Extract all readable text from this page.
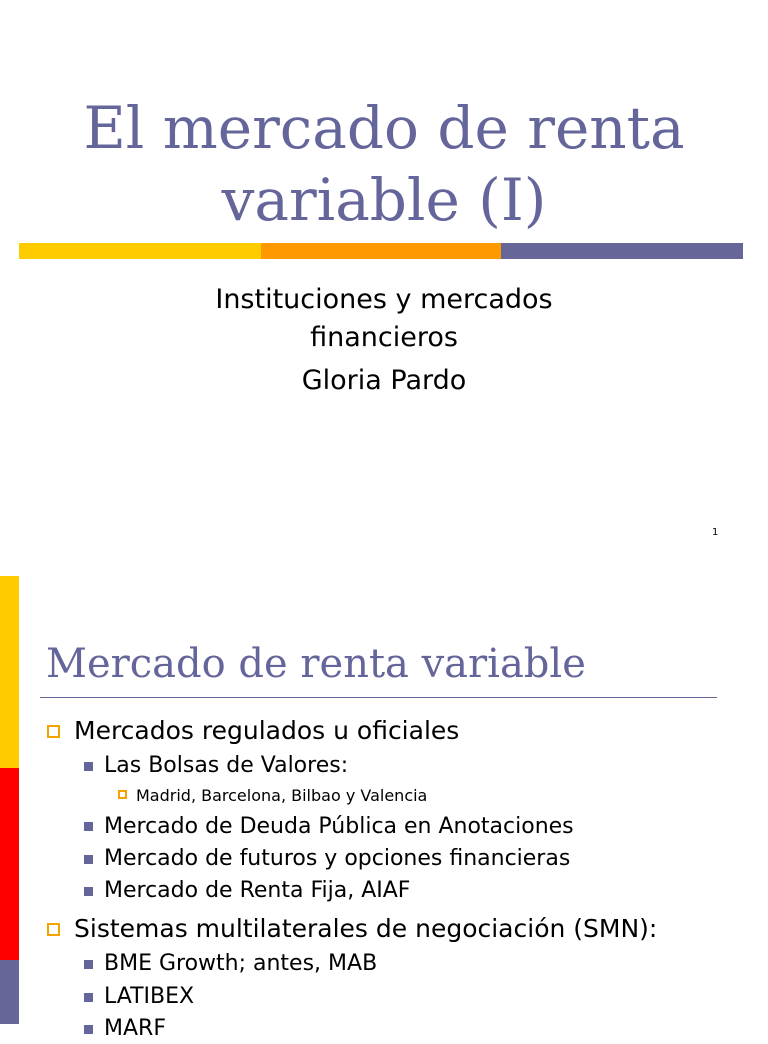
El mercado de renta
variable (I)
Instituciones y mercados
financieros
Gloria Pardo
1
Mercado de renta variable
Mercados regulados u oficiales
Las Bolsas de Valores:
Madrid, Barcelona, Bilbao y Valencia
Mercado de Deuda Pública en Anotaciones
Mercado de futuros y opciones financieras
Mercado de Renta Fija, AIAF
Sistemas multilaterales de negociación (SMN):
BME Growth; antes, MAB
LATIBEX
MARF
